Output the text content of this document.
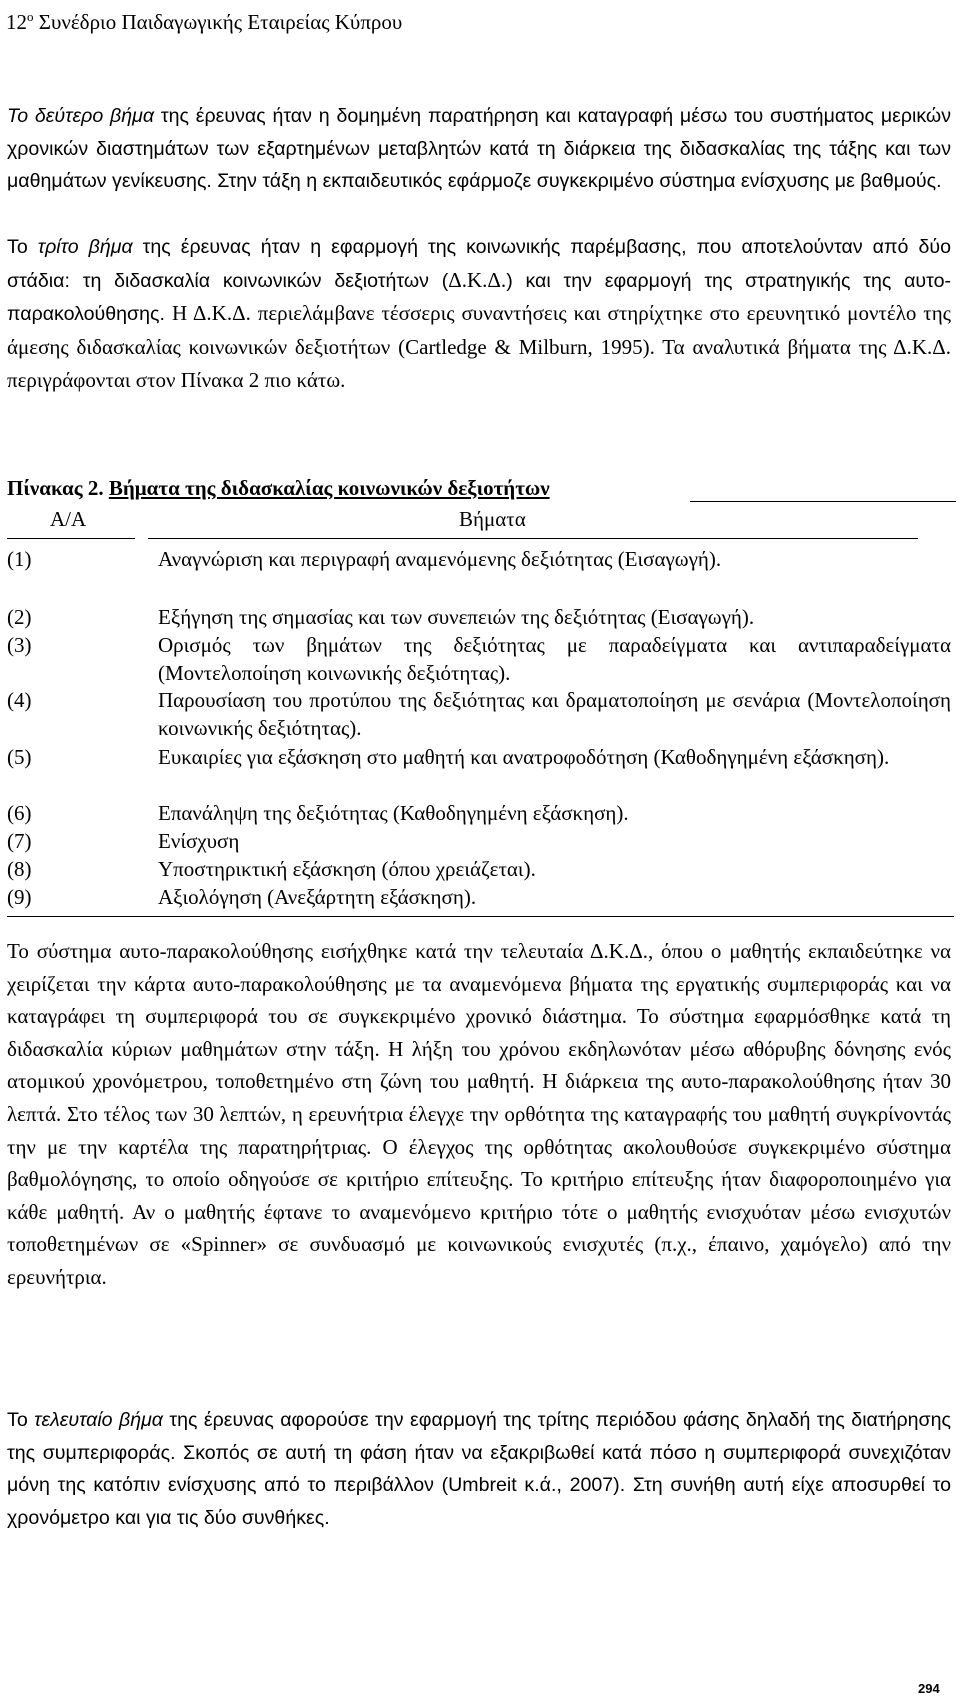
$12^o$ Συνέδριο Παιδαγωγικής Εταιρείας Κύπρου
Το δεύτερο βήμα της έρευνας ήταν η δομημένη παρατήρηση και καταγραφή μέσω του συστήματος μερικών χρονικών διαστημάτων των εξαρτημένων μεταβλητών κατά τη διάρκεια της διδασκαλίας της τάξης και των μαθημάτων γενίκευσης. Στην τάξη η εκπαιδευτικός εφάρμοζε συγκεκριμένο σύστημα ενίσχυσης με βαθμούς.
Το τρίτο βήμα της έρευνας ήταν η εφαρμογή της κοινωνικής παρέμβασης, που αποτελούνταν από δύο στάδια: τη διδασκαλία κοινωνικών δεξιοτήτων (Δ.Κ.Δ.) και την εφαρμογή της στρατηγικής της αυτο-παρακολούθησης. Η Δ.Κ.Δ. περιελάμβανε τέσσερις συναντήσεις και στηρίχτηκε στο ερευνητικό μοντέλο της άμεσης διδασκαλίας κοινωνικών δεξιοτήτων (Cartledge & Milburn, 1995). Τα αναλυτικά βήματα της Δ.Κ.Δ. περιγράφονται στον Πίνακα 2 πιο κάτω.
Πίνακας 2. Βήματα της διδασκαλίας κοινωνικών δεξιοτήτων
Α/Α	Βήματα
(1)	Αναγνώριση και περιγραφή αναμενόμενης δεξιότητας (Εισαγωγή).
(2)	Εξήγηση της σημασίας και των συνεπειών της δεξιότητας (Εισαγωγή).
(3)	Ορισμός των βημάτων της δεξιότητας με παραδείγματα και αντιπαραδείγματα (Μοντελοποίηση κοινωνικής δεξιότητας).
(4)	Παρουσίαση του προτύπου της δεξιότητας και δραματοποίηση με σενάρια (Μοντελοποίηση κοινωνικής δεξιότητας).
(5)	Ευκαιρίες για εξάσκηση στο μαθητή και ανατροφοδότηση (Καθοδηγημένη εξάσκηση).
(6)	Επανάληψη της δεξιότητας (Καθοδηγημένη εξάσκηση).
(7)	Ενίσχυση
(8)	Υποστηρικτική εξάσκηση (όπου χρειάζεται).
(9)	Αξιολόγηση (Ανεξάρτητη εξάσκηση).
Το σύστημα αυτο-παρακολούθησης εισήχθηκε κατά την τελευταία Δ.Κ.Δ., όπου ο μαθητής εκπαιδεύτηκε να χειρίζεται την κάρτα αυτο-παρακολούθησης με τα αναμενόμενα βήματα της εργατικής συμπεριφοράς και να καταγράφει τη συμπεριφορά του σε συγκεκριμένο χρονικό διάστημα. Το σύστημα εφαρμόσθηκε κατά τη διδασκαλία κύριων μαθημάτων στην τάξη. Η λήξη του χρόνου εκδηλωνόταν μέσω αθόρυβης δόνησης ενός ατομικού χρονόμετρου, τοποθετημένο στη ζώνη του μαθητή. Η διάρκεια της αυτο-παρακολούθησης ήταν 30 λεπτά. Στο τέλος των 30 λεπτών, η ερευνήτρια έλεγχε την ορθότητα της καταγραφής του μαθητή συγκρίνοντάς την με την καρτέλα της παρατηρήτριας. Ο έλεγχος της ορθότητας ακολουθούσε συγκεκριμένο σύστημα βαθμολόγησης, το οποίο οδηγούσε σε κριτήριο επίτευξης. Το κριτήριο επίτευξης ήταν διαφοροποιημένο για κάθε μαθητή. Αν ο μαθητής έφτανε το αναμενόμενο κριτήριο τότε ο μαθητής ενισχυόταν μέσω ενισχυτών τοποθετημένων σε «Spinner» σε συνδυασμό με κοινωνικούς ενισχυτές (π.χ., έπαινο, χαμόγελο) από την ερευνήτρια.
Το τελευταίο βήμα της έρευνας αφορούσε την εφαρμογή της τρίτης περιόδου φάσης δηλαδή της διατήρησης της συμπεριφοράς. Σκοπός σε αυτή τη φάση ήταν να εξακριβωθεί κατά πόσο η συμπεριφορά συνεχιζόταν μόνη της κατόπιν ενίσχυσης από το περιβάλλον (Umbreit κ.ά., 2007). Στη συνήθη αυτή είχε αποσυρθεί το χρονόμετρο και για τις δύο συνθήκες.
294
